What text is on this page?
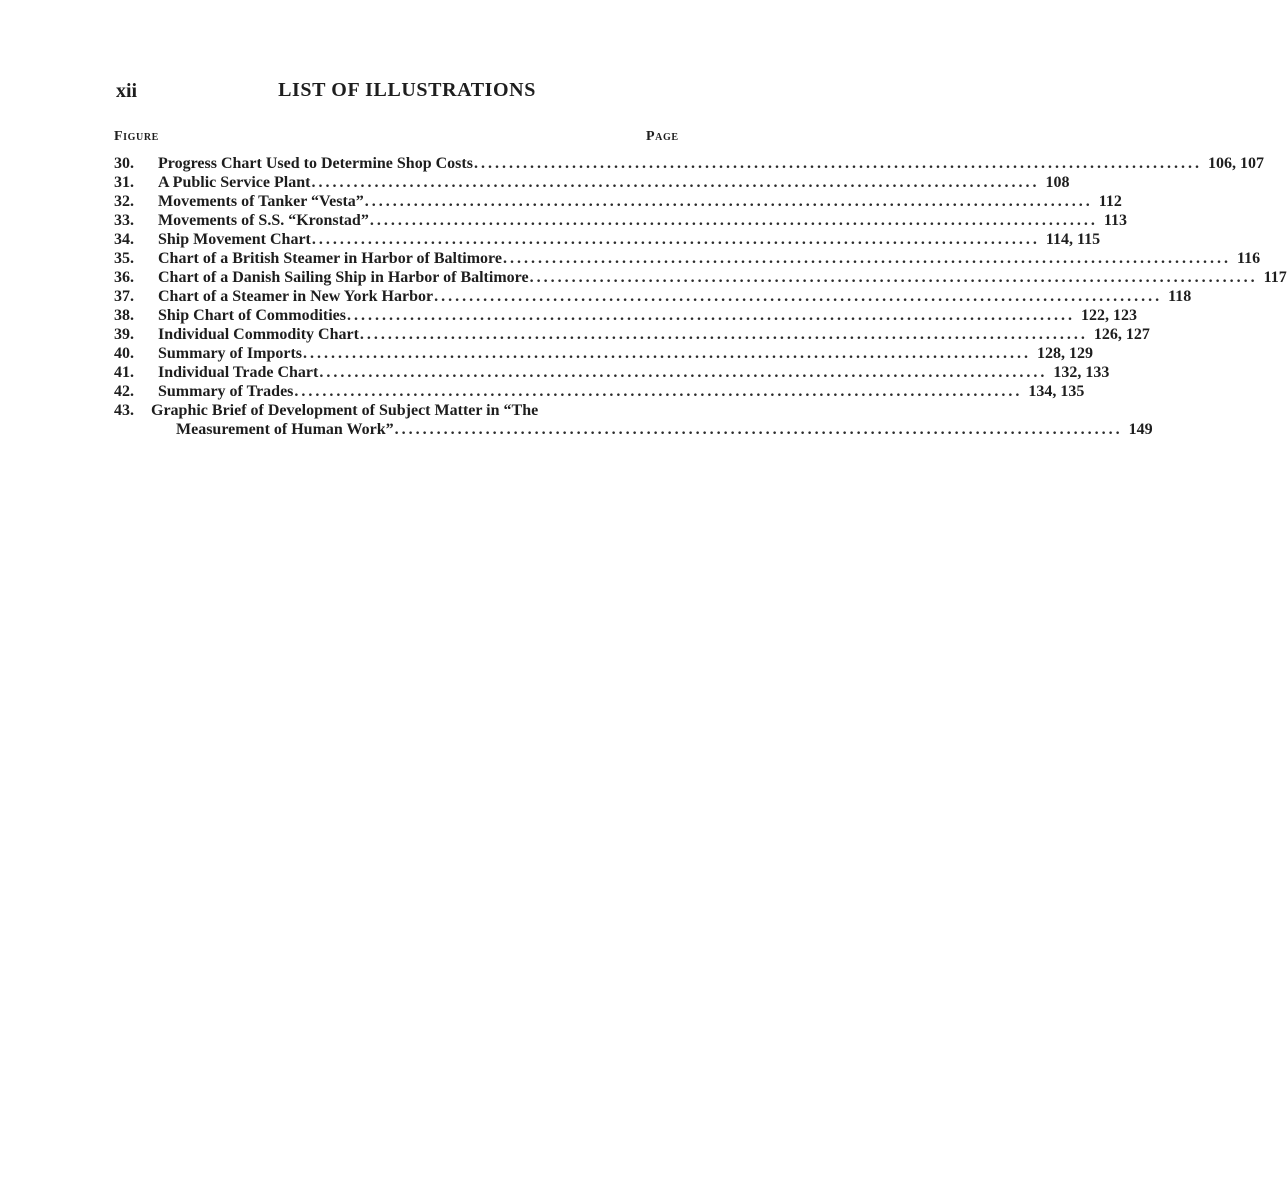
xii	LIST OF ILLUSTRATIONS
Figure	Page
30.	Progress Chart Used to Determine Shop Costs ........................................................................................................ 106, 107
31.	A Public Service Plant ........................................................................................................ 108
32.	Movements of Tanker “Vesta” ........................................................................................................ 112
33.	Movements of S.S. “Kronstad” ........................................................................................................ 113
34.	Ship Movement Chart ........................................................................................................ 114, 115
35.	Chart of a British Steamer in Harbor of Baltimore ........................................................................................................ 116
36.	Chart of a Danish Sailing Ship in Harbor of Baltimore ........................................................................................................ 117
37.	Chart of a Steamer in New York Harbor ........................................................................................................ 118
38.	Ship Chart of Commodities ........................................................................................................ 122, 123
39.	Individual Commodity Chart ........................................................................................................ 126, 127
40.	Summary of Imports ........................................................................................................ 128, 129
41.	Individual Trade Chart ........................................................................................................ 132, 133
42.	Summary of Trades ........................................................................................................ 134, 135
43.	Graphic Brief of Development of Subject Matter in “The
Measurement of Human Work” ........................................................................................................ 149
